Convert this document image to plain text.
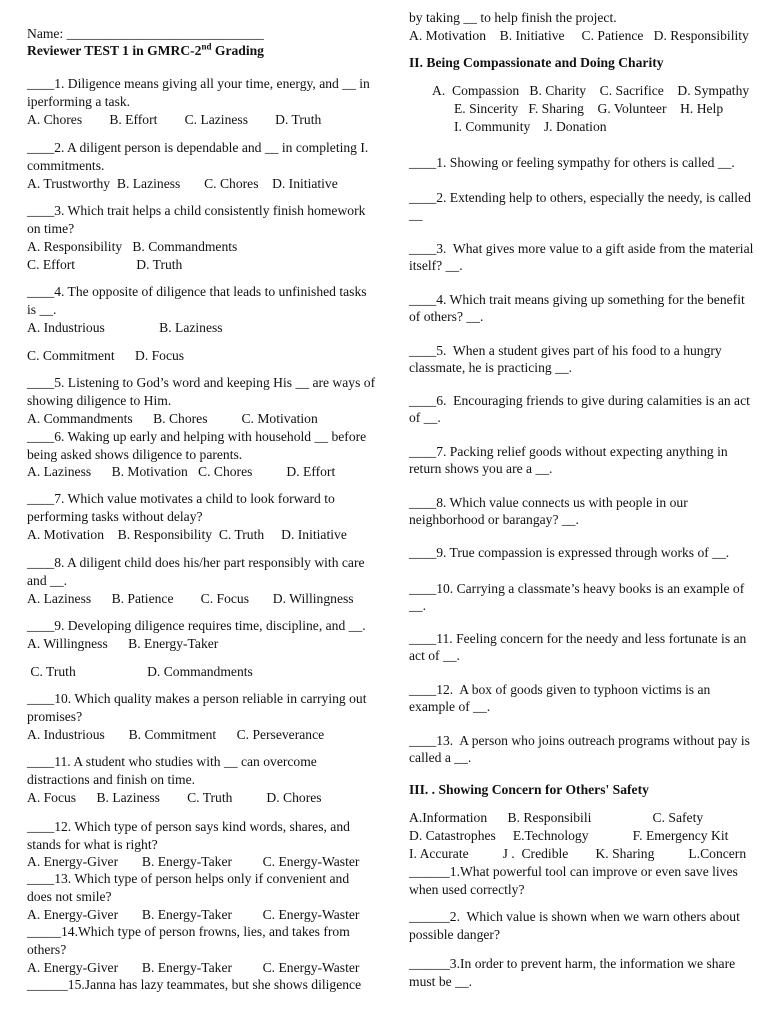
Name: _____________________________
Reviewer TEST 1 in GMRC-2nd Grading
____1. Diligence means giving all your time, energy, and __ in
iperforming a task.
A. Chores        B. Effort        C. Laziness        D. Truth
____2. A diligent person is dependable and __ in completing I.
commitments.
A. Trustworthy  B. Laziness       C. Chores    D. Initiative
____3. Which trait helps a child consistently finish homework
on time?
A. Responsibility   B. Commandments
C. Effort                  D. Truth
____4. The opposite of diligence that leads to unfinished tasks
is __.
A. Industrious                B. Laziness
C. Commitment      D. Focus
____5. Listening to God’s word and keeping His __ are ways of
showing diligence to Him.
A. Commandments      B. Chores          C. Motivation
____6. Waking up early and helping with household __ before
being asked shows diligence to parents.
A. Laziness      B. Motivation   C. Chores          D. Effort
____7. Which value motivates a child to look forward to
performing tasks without delay?
A. Motivation    B. Responsibility  C. Truth     D. Initiative
____8. A diligent child does his/her part responsibly with care
and __.
A. Laziness      B. Patience        C. Focus       D. Willingness
____9. Developing diligence requires time, discipline, and __.
A. Willingness      B. Energy-Taker
C. Truth                     D. Commandments
____10. Which quality makes a person reliable in carrying out
promises?
A. Industrious       B. Commitment      C. Perseverance
____11. A student who studies with __ can overcome
distractions and finish on time.
A. Focus      B. Laziness        C. Truth          D. Chores
____12. Which type of person says kind words, shares, and
stands for what is right?
A. Energy-Giver       B. Energy-Taker         C. Energy-Waster
____13. Which type of person helps only if convenient and
does not smile?
A. Energy-Giver       B. Energy-Taker         C. Energy-Waster
_____14.Which type of person frowns, lies, and takes from
others?
A. Energy-Giver       B. Energy-Taker         C. Energy-Waster
______15.Janna has lazy teammates, but she shows diligence
by taking __ to help finish the project.
A. Motivation    B. Initiative     C. Patience   D. Responsibility
II. Being Compassionate and Doing Charity
A.  Compassion   B. Charity    C. Sacrifice    D. Sympathy
E. Sincerity   F. Sharing    G. Volunteer    H. Help
I. Community    J. Donation
____1. Showing or feeling sympathy for others is called __.
____2. Extending help to others, especially the needy, is called
__
____3.  What gives more value to a gift aside from the material
itself? __.
____4. Which trait means giving up something for the benefit
of others? __.
____5.  When a student gives part of his food to a hungry
classmate, he is practicing __.
____6.  Encouraging friends to give during calamities is an act
of __.
____7. Packing relief goods without expecting anything in
return shows you are a __.
____8. Which value connects us with people in our
neighborhood or barangay? __.
____9. True compassion is expressed through works of __.
____10. Carrying a classmate’s heavy books is an example of
__.
____11. Feeling concern for the needy and less fortunate is an
act of __.
____12.  A box of goods given to typhoon victims is an
example of __.
____13.  A person who joins outreach programs without pay is
called a __.
III. . Showing Concern for Others' Safety
A.Information      B. Responsibili                  C. Safety
D. Catastrophes     E.Technology             F. Emergency Kit
I. Accurate          J .  Credible        K. Sharing          L.Concern
______1.What powerful tool can improve or even save lives
when used correctly?
______2.  Which value is shown when we warn others about
possible danger?
______3.In order to prevent harm, the information we share
must be __.
